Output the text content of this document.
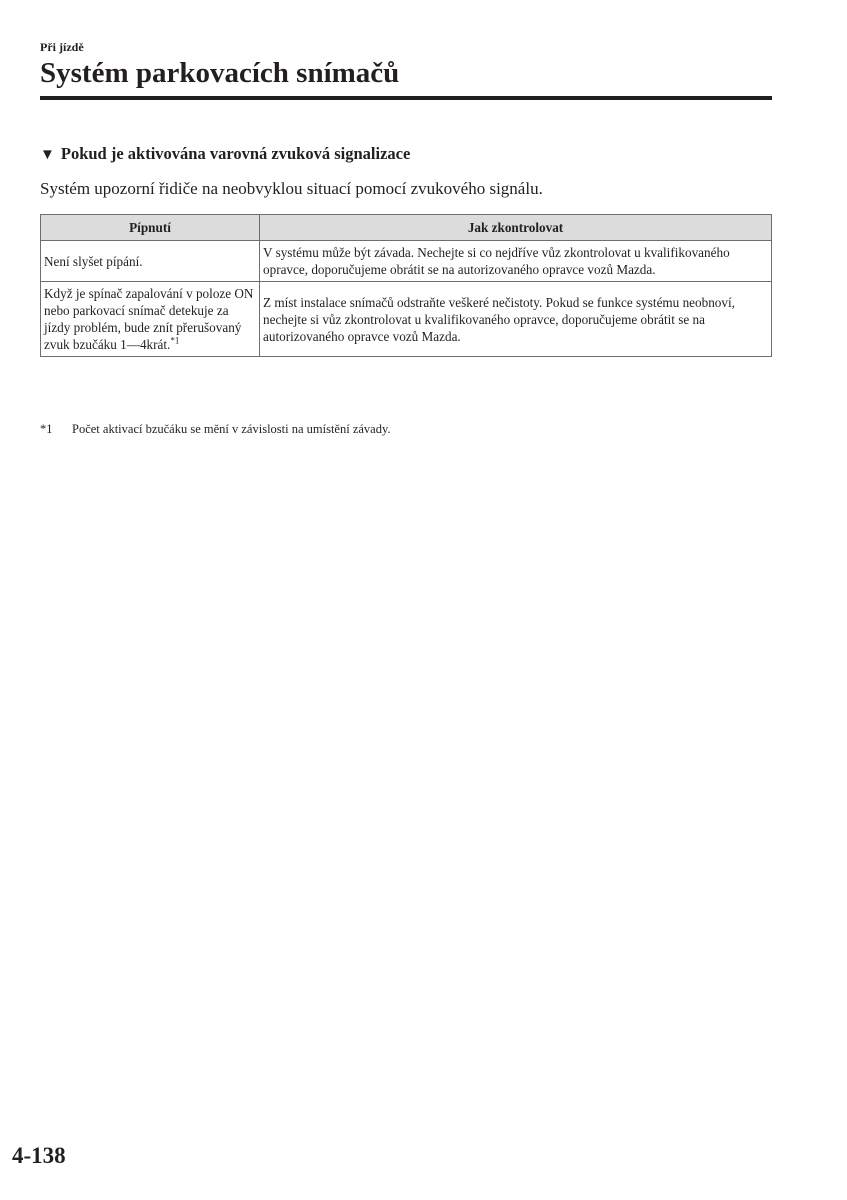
Při jízdě
Systém parkovacích snímačů
▼ Pokud je aktivována varovná zvuková signalizace
Systém upozorní řidiče na neobvyklou situací pomocí zvukového signálu.
Pípnutí	Jak zkontrolovat
Není slyšet pípání.	V systému může být závada. Nechejte si co nejdříve vůz zkontrolovat u kvalifikovaného opravce, doporučujeme obrátit se na autorizovaného opravce vozů Mazda.
Když je spínač zapalování v poloze ON nebo parkovací snímač detekuje za jízdy problém, bude znít přerušovaný zvuk bzučáku 1—4krát.$^{*1}$	Z míst instalace snímačů odstraňte veškeré nečistoty. Pokud se funkce systému neobnoví, nechejte si vůz zkontrolovat u kvalifikovaného opravce, doporučujeme obrátit se na autorizovaného opravce vozů Mazda.
*1 Počet aktivací bzučáku se mění v závislosti na umístění závady.
4-138
